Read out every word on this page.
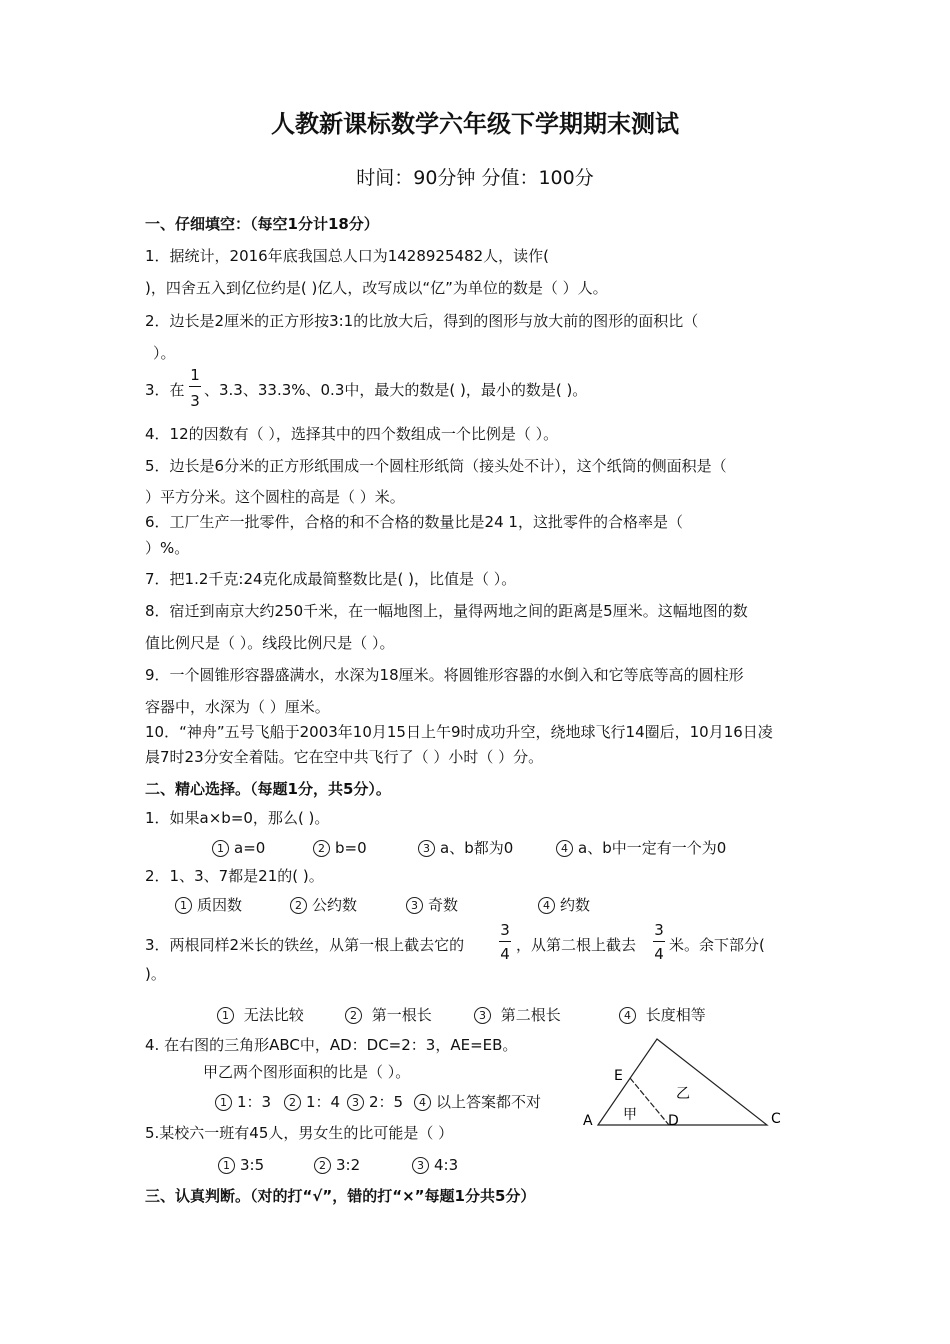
人教新课标数学六年级下学期期末测试
时间：90分钟 分值：100分
一、仔细填空：（每空1分计18分）
1．据统计，2016年底我国总人口为1428925482人，读作(
)，四舍五入到亿位约是( )亿人，改写成以“亿”为单位的数是（ ）人。
2．边长是2厘米的正方形按3:1的比放大后，得到的图形与放大前的图形的面积比（
）。
3．在
1
3
、3.3、33.3%、0.3中，最大的数是( )，最小的数是( )。
4．12的因数有（ ），选择其中的四个数组成一个比例是（ ）。
5．边长是6分米的正方形纸围成一个圆柱形纸筒（接头处不计），这个纸筒的侧面积是（
）平方分米。这个圆柱的高是（ ）米。
6．工厂生产一批零件，合格的和不合格的数量比是24 1，这批零件的合格率是（
）%。
7．把1.2千克:24克化成最简整数比是( )，比值是（ ）。
8．宿迁到南京大约250千米，在一幅地图上，量得两地之间的距离是5厘米。这幅地图的数
值比例尺是（ ）。线段比例尺是（ ）。
9．一个圆锥形容器盛满水，水深为18厘米。将圆锥形容器的水倒入和它等底等高的圆柱形
容器中，水深为（ ）厘米。
10．“神舟”五号飞船于2003年10月15日上午9时成功升空，绕地球飞行14圈后，10月16日凌
晨7时23分安全着陆。它在空中共飞行了（ ）小时（ ）分。
二、精心选择。（每题1分，共5分）。
1．如果a×b=0，那么( )。
1 a=0	2 b=0	3 a、b都为0	4 a、b中一定有一个为0
2．1、3、7都是21的( )。
1 质因数	2 公约数	3 奇数	4 约数
3．两根同样2米长的铁丝，从第一根上截去它的
3
4 ，从第二根上截去
3
4 米。余下部分(
)。
1 无法比较	2 第一根长	3 第二根长	4 长度相等
4. 在右图的三角形ABC中，AD：DC=2：3，AE=EB。
甲乙两个图形面积的比是（ ）。
1 1：3	2 1：4	3 2：5	4 以上答案都不对
5.某校六一班有45人，男女生的比可能是（ ）
1 3:5	2 3:2	3 4:3
A	C
D
E
甲
乙
三、认真判断。（对的打“√”，错的打“×”每题1分共5分）
